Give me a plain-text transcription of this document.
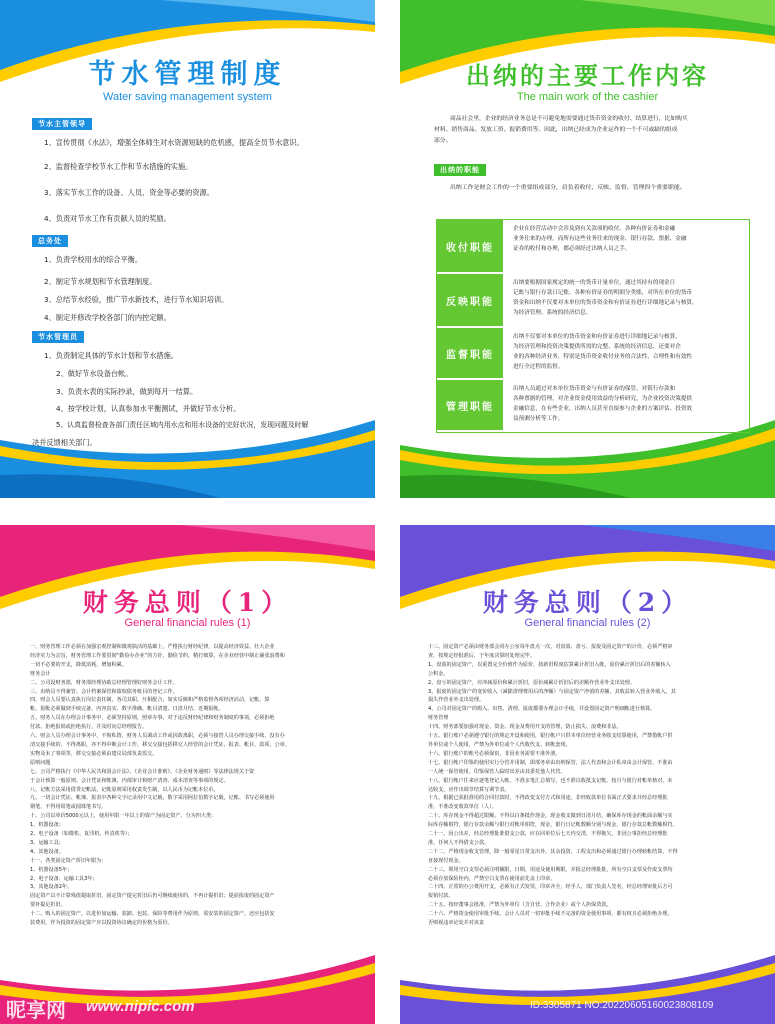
节水管理制度
Water saving management system
节水主管领导
1、宣传贯彻《水法》，增强全体师生对水资源短缺的危机感，提高全员节水意识。
2、监督检查学校节水工作和节水措施的实施。
3、落实节水工作的设备、人员、资金等必要的资源。
4、负责对节水工作有贡献人员的奖励。
总务处
1、负责学校用水的综合平衡。
2、制定节水规划和节水管理制度。
3、总结节水经验，推广节水新技术，进行节水知识培训。
4、制定并修改学校各部门的内控定额。
节水管理员
1、负责制定具体的节水计划和节水措施。
2、做好节水设备台帐。
3、负责水表的实际抄录，做到每月一结算。
4、按学校计划，认真参加水平衡测试，并做好节水分析。
5、认真监督检查各部门责任区域内用水点和用水设备的完好状况，发现问题及时解
决并反馈相关部门。
出纳的主要工作内容
The main work of the cashier

商品社会里，企业的经济业务总是不可避免地需要通过货币资金的收付、结算进行，比如购买

材料、销售商品、发放工资、报销费用等。因此，出纳已经成为企业运作的一个不可或缺的组成

部分。

出纳的职能
出纳工作是财会工作的一个重要组成部分，肩负着收付、反映、监督、管理四个重要职能。
收付职能

企业在经营活动中会涉及到有关款项的收付、各种有价证券和金融

业务往来的办理，而所有这些业务往来的现金、银行存款、票据、金融

证券的收付和办理，都必须经过出纳人员之手。

反映职能

出纳要根据国家规定的统一的货币计量单位，通过其持有的现金日

记账与银行存款日记账、各种有价证券的明细分类账，对所在单位的货币

资金和出纳不仅要对本单位的货币资金和有价证券进行详细地记录与核算，

为经济管理、系统的经济信息。

监督职能

出纳不仅要对本单位的货币资金和有价证券进行详细地记录与核算，

为经济管理和投资决策提供所需的完整、系统的经济信息，还要对企

业的各种经济业务，特别是货币资金收付业务的合法性、合理性和有效性

进行全过程的监督。

管理职能

出纳人员通过对本单位货币资金与有价证券的保管，对银行存款和

各种票据的管理，对企业资金使用效益的分析研究，为企业投资决策提供

金融信息，在有些企业，出纳人员甚至直接参与企业的方案评估、投资效

益预测分析等工作。

财务总则（1）
General financial rules (1)

一、财务管理工作必须在加强宏观控制和微观搞活的基础上，严格执行财经纪律，以提高经济效益、壮大企业

经济实力为宗旨，财务管理工作要贯彻“勤俭办企业”的方针，勤俭节约，精打细算，在企业经营中制止铺张浪费和

一切不必要的开支，降低消耗，增加积累。

财务会计

二、公司设财务部，财务部经理协助总经理管理好财务会计工作。

三、出纳员不得兼管、会计档案保管和债权债务账目的登记工作。

四、财会人员要认真执行岗位责任制，各司其职，互相配合，如实反映和严格监督各项经济活动，记帐、算

帐、报帐必须做到手续完备、内容真实、数字准确、帐目清楚、日清月结、近期报帐。

五、财务人员在办理会计事务中，必须坚持原则，照章办事，对于违反财经纪律和财务制度的事项，必须拒绝

付款、拒绝报销或拒绝执行，并及时向总经理报告。

六、财会人员办理会计事务中，不徇私情，财务人员调动工作或因故离职，必须与接替人员办理交接手续，没有办

清交接手续的，不得离职，亦不得中断会计工作，移交交接包括移交人经管的会计凭证、报表、帐目、款项、公章、

实物及未了事项等，移交交接必须由建议局部负责监交。

原则问题

七、公司严格执行《中华人民共和国会计法》、《企业会计准则》、《企业财务通则》等法律法规关于资

于会计核算一般原则、会计凭证和帐簿、内部审计和财产清查、成本清查等事项的规定。

八、记帐方法采用借贷记帐法，记帐原则采用权责发生制，以人民币为记帐本位币。

九、一切会计凭证、帐簿、报表中各种文字记录用中文记载，数字采用阿拉伯数字记载，记帐、书写必须使用

钢笔，不得用铅笔或圆珠笔书写。

十、公司以单价5000元以上，使用年限一年以上的资产为固定资产，分为四大类：

1、机器设备；

2、电子设备（如微机、复印机、传真机等）；

3、运输工具；

4、其他设备。

十一、各类固定资产折旧年限为：

1、机器设备5年；

2、电子设备、运输工具3年；

3、其他设备2年。

固定资产以不计算残值提取折旧，固定资产提完折旧后仍可继续使用的，不再计提折旧；提前报废的固定资产

要补提足折旧。

十二、购入的固定资产，以进价加运输、装卸、包装、保险等费用作为原则，需安装的固定资产，还应包括安

装费用，作为投资的固定资产应以投资协议确定的价格为原价。

财务总则（2）
General financial rules (2)

十三、固定资产必须由财务部会同办公室每年盘点一次，对盘盈、盘亏、报废及固定资产的计价，必须严格审

查，按规定经批准后，于年度决算时处理完毕。

1、盘盈的固定资产，以重置完全价值作为原价，按新旧程度估算累计折旧入帐，原价累计折旧后的差额转入

公积金。

2、盘亏的固定资产，应冲减原价和累计折旧，原价减累计折旧后的差额作营业外支出处理。

3、报废的固定资产的变价收入（减除清理费用后的净额）与固定资产净值的差额，其收益转入营业外收入，其

损失作营业外支出处理。

4、公司对固定资产的购入、出售、清理、报废都要办理会计手续，并设置固定资产明细帐进行核算。

财务管理

十四、财务部要加强对现金、资金、现金及费用开支的管理，防止损失、浪费和非法。

十五、银行账户必须遵守银行的规定开设和使用，银行帐户只供本单位经营业务收支结算使用，严禁借帐户供

外单位或个人使用，严禁为外单位或个人代收代支、转帐套现。

十六、银行账户的账号必须保密，非因业务需要不准外泄。

十七、银行帐户印鉴的使用实行分管并用制，即部务章由出纳保管，法人代表和会计私章由会计保管，不准由

一人统一保管使用。印鉴保管人临时出差由其委托他人代管。

十八、银行帐户往来应逐笔登记入帐，不准多笔汇总填写，也不准以收抵支记帐，按月与银行对帐单核对，未

达收支，应作出调节结算写调节表。

十九、根据已获批准用的合同付款时，不得改变支付方式和用途。非经收款单位书面正式要求并经总经理批

准，不准改变收款单位（人）。

二十、库存现金不得超过限额，不得以白条抵作现金，现金收支做到日清月结，确保库存现金的帐面余额与实

际库存额相符，银行存款余额与银行对帐单相符，现金、银行日记帐数额分别与现金、银行存款总帐数额相符。

二十一、因公出差，经总经理批准借支公款，应在回单位后七天内交清，不得拖欠，非因公事拒经总经理批

准，任何人不得借支公款。

二十二、严格现金收支管理，除一般零星日常支出外，其余投资，工程支出和必须通过银行办理转帐结算，不得

直接现付现金。

二十三、领用空白支票必须注明额限，日期、用途及使用期限，并报总经理批批，所有空白支票及作废支票均

必须存放保险柜内，严禁空白支票在使用前先盖上印章。

二十四、正常的办公费用开支，必须有正式发票，印章齐全，经手人、部门负责人签名，经总经理审批后方可

报销付款。

二十五、按经董事会批准，严禁为外单位（含自营、合作企业）或个人担保贷款。

二十六、严格资金使用审批手续，会计人员对一切审批手续不完备的资金使用事项，都有权且必须拒绝办理。

否则视违章论处并对该责

昵享网 www.nipic.com	ID:3305871 NO:20220605160023808109
